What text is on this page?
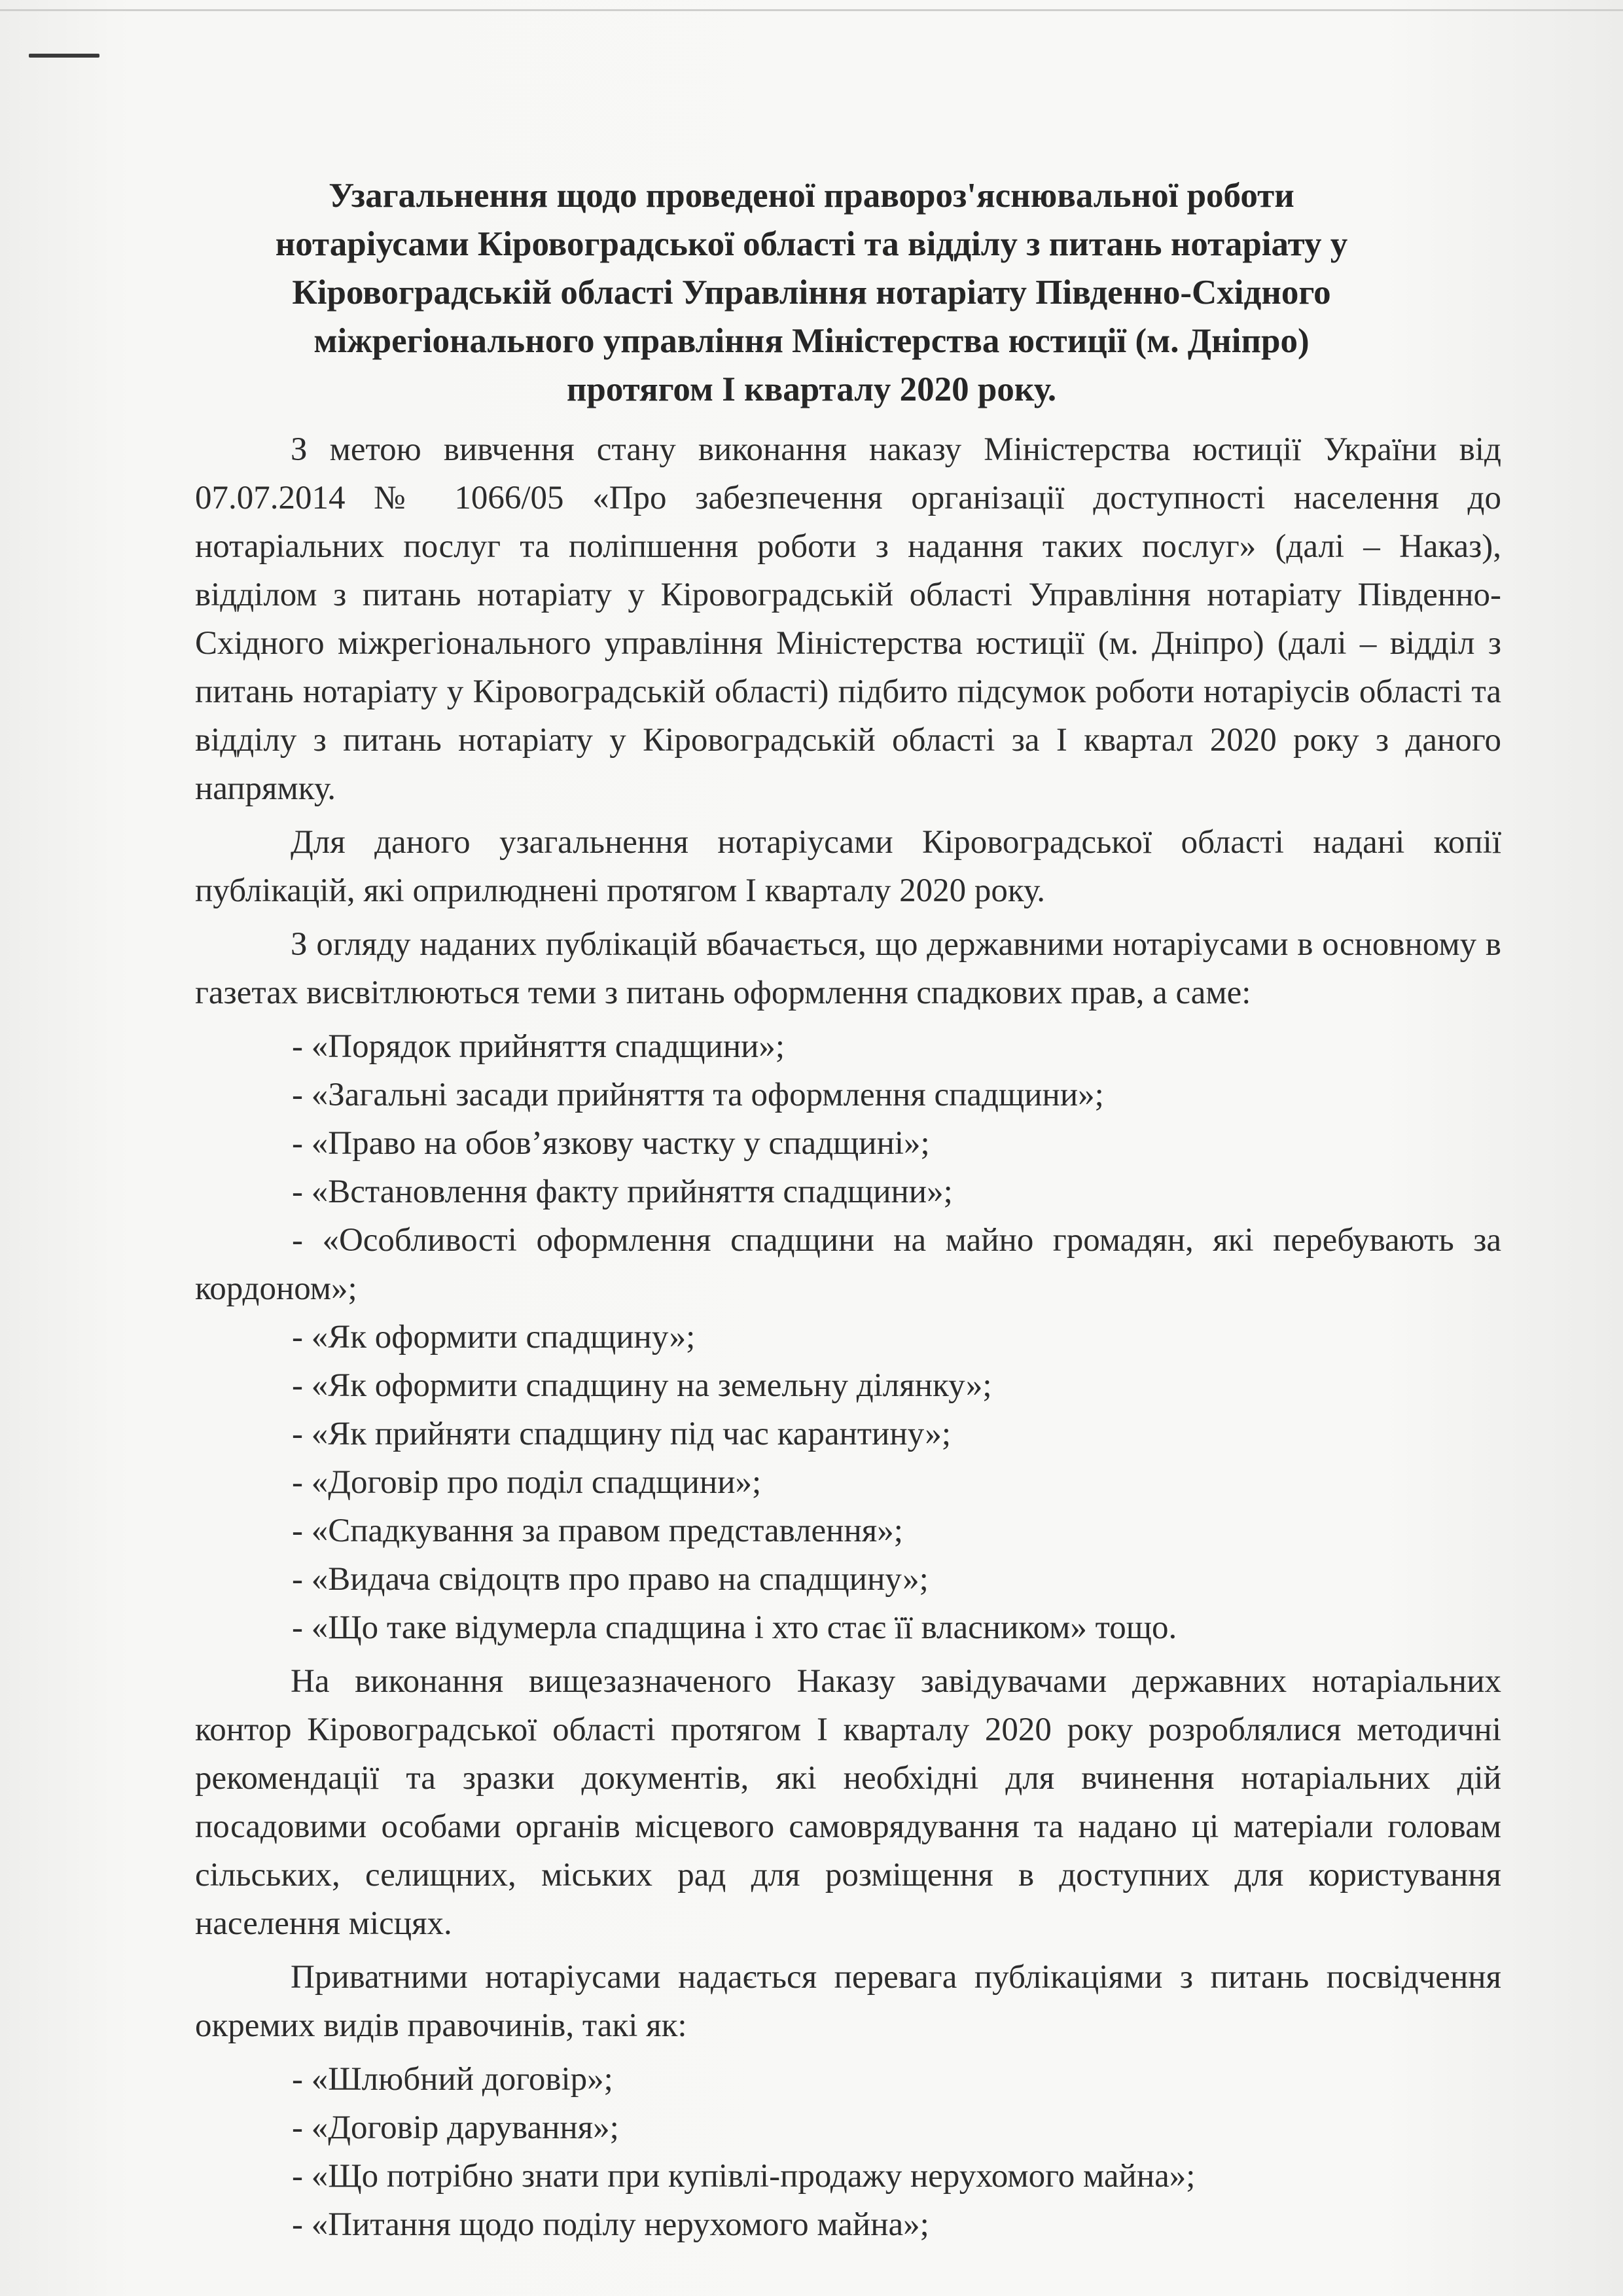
Узагальнення щодо проведеної праворoз'яснювальної роботи
нотаріусами Кіровоградської області та відділу з питань нотаріату у
Кіровоградській області Управління нотаріату Південно-Східного
міжрегіонального управління Міністерства юстиції (м. Дніпро)
протягом І кварталу 2020 року.

З метою вивчення стану виконання наказу Міністерства юстиції України від 07.07.2014 № 1066/05 «Про забезпечення організації доступності населення до нотаріальних послуг та поліпшення роботи з надання таких послуг» (далі – Наказ), відділом з питань нотаріату у Кіровоградській області Управління нотаріату Південно-Східного міжрегіонального управління Міністерства юстиції (м. Дніпро) (далі – відділ з питань нотаріату у Кіровоградській області) підбито підсумок роботи нотаріусів області та відділу з питань нотаріату у Кіровоградській області за І квартал 2020 року з даного напрямку.

Для даного узагальнення нотаріусами Кіровоградської області надані копії публікацій, які оприлюднені протягом І кварталу 2020 року.

З огляду наданих публікацій вбачається, що державними нотаріусами в основному в газетах висвітлюються теми з питань оформлення спадкових прав, а саме:

- «Порядок прийняття спадщини»;
- «Загальні засади прийняття та оформлення спадщини»;
- «Право на обов’язкову частку у спадщині»;
- «Встановлення факту прийняття спадщини»;
- «Особливості оформлення спадщини на майно громадян, які перебувають за кордоном»;
- «Як оформити спадщину»;
- «Як оформити спадщину на земельну ділянку»;
- «Як прийняти спадщину під час карантину»;
- «Договір про поділ спадщини»;
- «Спадкування за правом представлення»;
- «Видача свідоцтв про право на спадщину»;
- «Що таке відумерла спадщина і хто стає її власником» тощо.

На виконання вищезазначеного Наказу завідувачами державних нотаріальних контор Кіровоградської області протягом І кварталу 2020 року розроблялися методичні рекомендації та зразки документів, які необхідні для вчинення нотаріальних дій посадовими особами органів місцевого самоврядування та надано ці матеріали головам сільських, селищних, міських рад для розміщення в доступних для користування населення місцях.

Приватними нотаріусами надається перевага публікаціями з питань посвідчення окремих видів правочинів, такі як:

- «Шлюбний договір»;
- «Договір дарування»;
- «Що потрібно знати при купівлі-продажу нерухомого майна»;
- «Питання щодо поділу нерухомого майна»;
